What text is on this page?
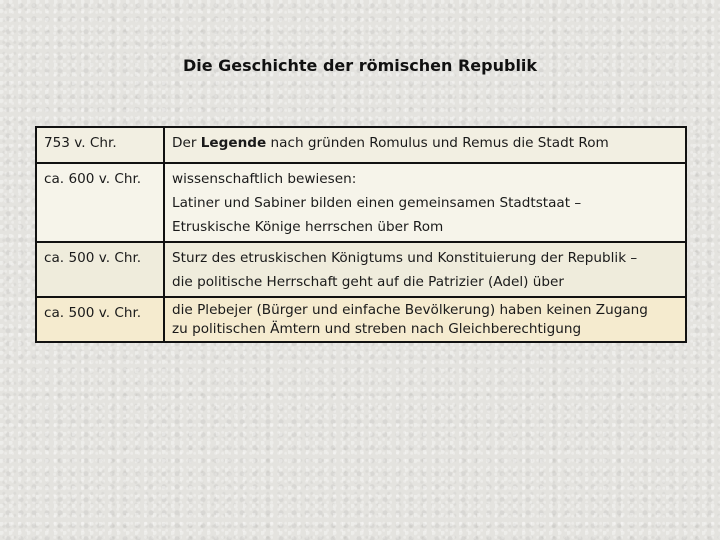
Die Geschichte der römischen Republik
753 v. Chr.	Der Legende nach gründen Romulus und Remus die Stadt Rom
ca. 600 v. Chr.	wissenschaftlich bewiesen:
Latiner und Sabiner bilden einen gemeinsamen Stadtstaat –
Etruskische Könige herrschen über Rom

ca. 500 v. Chr.	Sturz des etruskischen Königtums und Konstituierung der Republik –
die politische Herrschaft geht auf die Patrizier (Adel) über

ca. 500 v. Chr.	die Plebejer (Bürger und einfache Bevölkerung) haben keinen Zugang
zu politischen Ämtern und streben nach Gleichberechtigung
